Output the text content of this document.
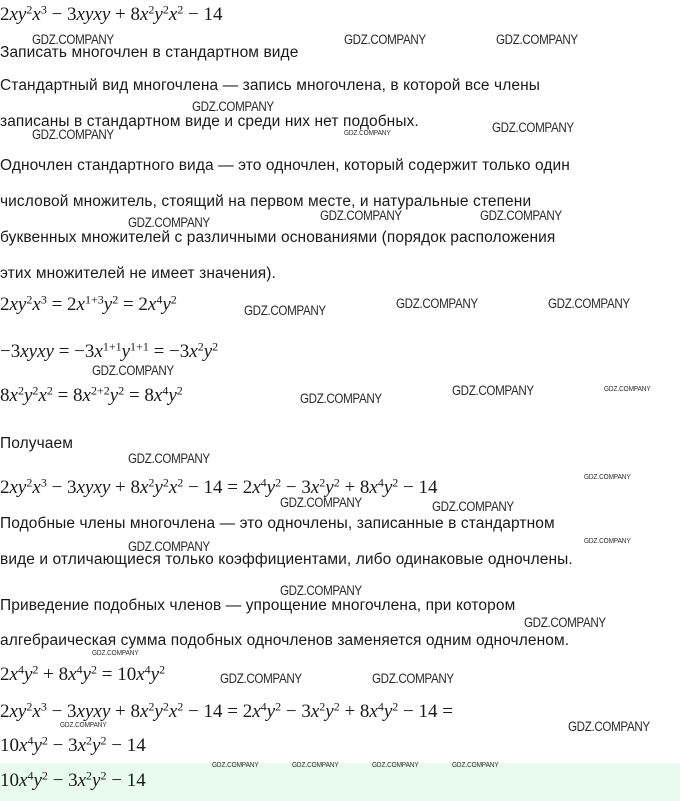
$2xy^2x^3$ − 3xyxy + $8x^2y^2x^2 - 14$
Записать многочлен в стандартном виде
Стандартный вид многочлена — запись многочлена, в которой все члены
записаны в стандартном виде и среди них нет подобных.
Одночлен стандартного вида — это одночлен, который содержит только один
числовой множитель, стоящий на первом месте, и натуральные степени
буквенных множителей с различными основаниями (порядок расположения
этих множителей не имеет значения).
$2xy^2x^3 = 2x^{1+3}y^2 = 2x^4y^2$
−3xyxy = $-3x^{1+1}y^{1+1} = -3x^2y^2$
$8x^2y^2x^2 = 8x^{2+2}y^2 = 8x^4y^2$
Получаем
$2xy^2x^3$ − 3xyxy + $8x^2y^2x^2 - 14 = 2x^4y^2 - 3x^2y^2 + 8x^4y^2 - 14$
Подобные члены многочлена — это одночлены, записанные в стандартном
виде и отличающиеся только коэффициентами, либо одинаковые одночлены.
Приведение подобных членов — упрощение многочлена, при котором
алгебраическая сумма подобных одночленов заменяется одним одночленом.
$2x^4y^2 + 8x^4y^2 = 10x^4y^2$
$2xy^2x^3$ − 3xyxy + $8x^2y^2x^2 - 14 = 2x^4y^2 - 3x^2y^2 + 8x^4y^2 - 14$ =
$10x^4y^2 - 3x^2y^2 - 14$
$10x^4y^2 - 3x^2y^2 - 14$
GDZ.COMPANY	GDZ.COMPANY	GDZ.COMPANY
GDZ.COMPANY
GDZ.COMPANY	GDZ.COMPANY	GDZ.COMPANY
GDZ.COMPANY	GDZ.COMPANY	GDZ.COMPANY
GDZ.COMPANY	GDZ.COMPANY	GDZ.COMPANY
GDZ.COMPANY
GDZ.COMPANY
GDZ.COMPANY	GDZ.COMPANY
GDZ.COMPANY
GDZ.COMPANY
GDZ.COMPANY	GDZ.COMPANY
GDZ.COMPANY	GDZ.COMPANY
GDZ.COMPANY
GDZ.COMPANY
GDZ.COMPANY
GDZ.COMPANY	GDZ.COMPANY
GDZ.COMPANY	GDZ.COMPANY
GDZ.COMPANY	GDZ.COMPANY	GDZ.COMPANY	GDZ.COMPANY
